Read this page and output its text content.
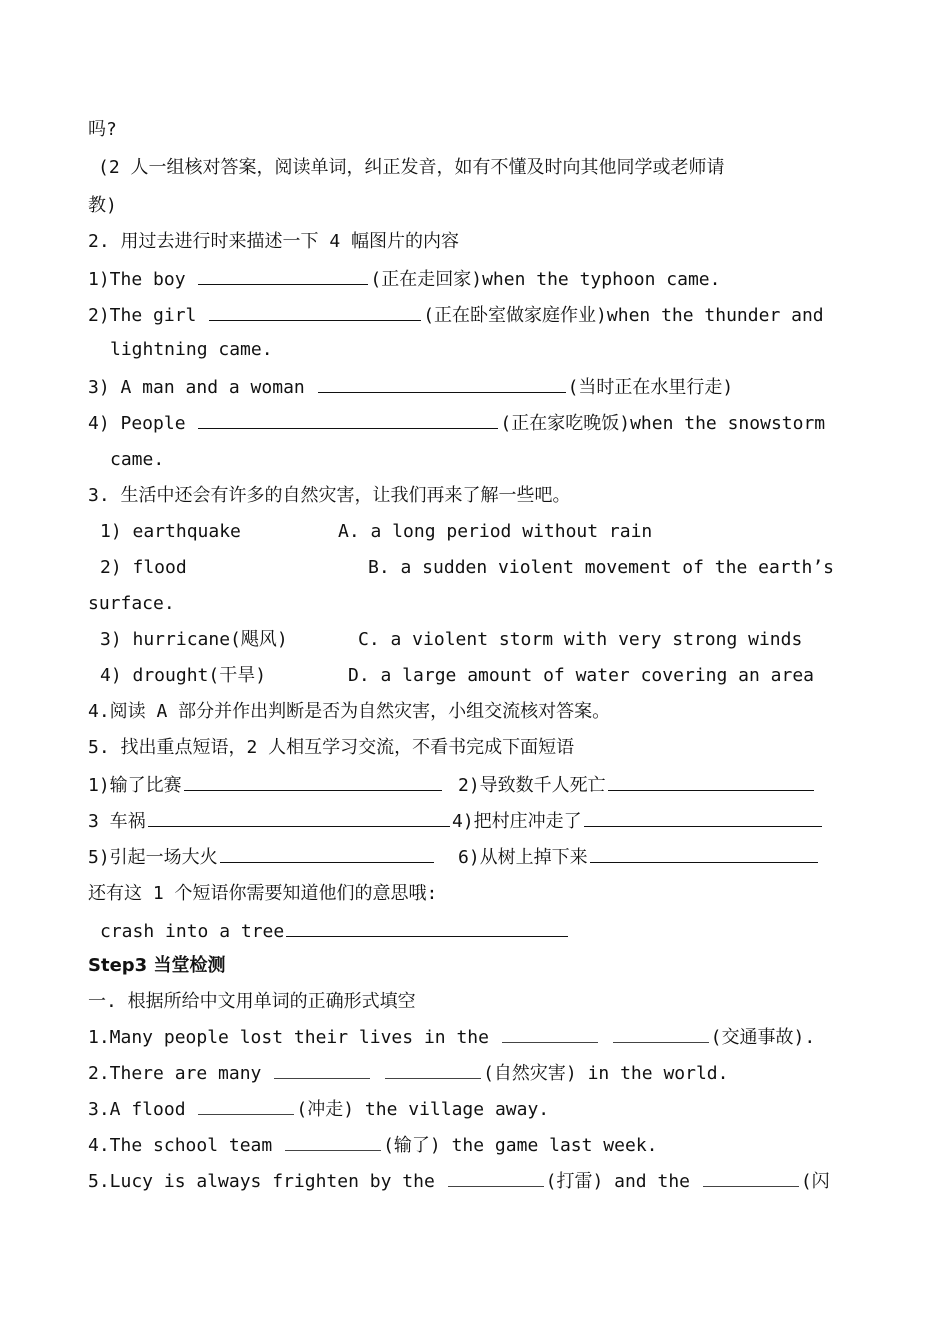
吗?
(2 人一组核对答案，阅读单词，纠正发音，如有不懂及时向其他同学或老师请
教)
2. 用过去进行时来描述一下 4 幅图片的内容
1)The boy	(正在走回家)when the typhoon came.
2)The girl	(正在卧室做家庭作业)when the thunder and
lightning came.
3) A man and a woman	(当时正在水里行走)
4) People	(正在家吃晚饭)when the snowstorm
came.
3. 生活中还会有许多的自然灾害，让我们再来了解一些吧。
1) earthquake	A. a long period without rain
2) flood	B. a sudden violent movement of the earth’s
surface.
3) hurricane(飓风)	C. a violent storm with very strong winds
4) drought(干旱)	D. a large amount of water covering an area
4.阅读 A 部分并作出判断是否为自然灾害，小组交流核对答案。
5. 找出重点短语，2 人相互学习交流，不看书完成下面短语
1)输了比赛	2)导致数千人死亡
3 车祸	4)把村庄冲走了
5)引起一场大火	6)从树上掉下来
还有这 1 个短语你需要知道他们的意思哦:
crash into a tree
Step3 当堂检测
一. 根据所给中文用单词的正确形式填空
1.Many people lost their lives in the	(交通事故).
2.There are many	(自然灾害) in the world.
3.A flood	(冲走) the village away.
4.The school team	(输了) the game last week.
5.Lucy is always frighten by the	(打雷) and the	(闪
